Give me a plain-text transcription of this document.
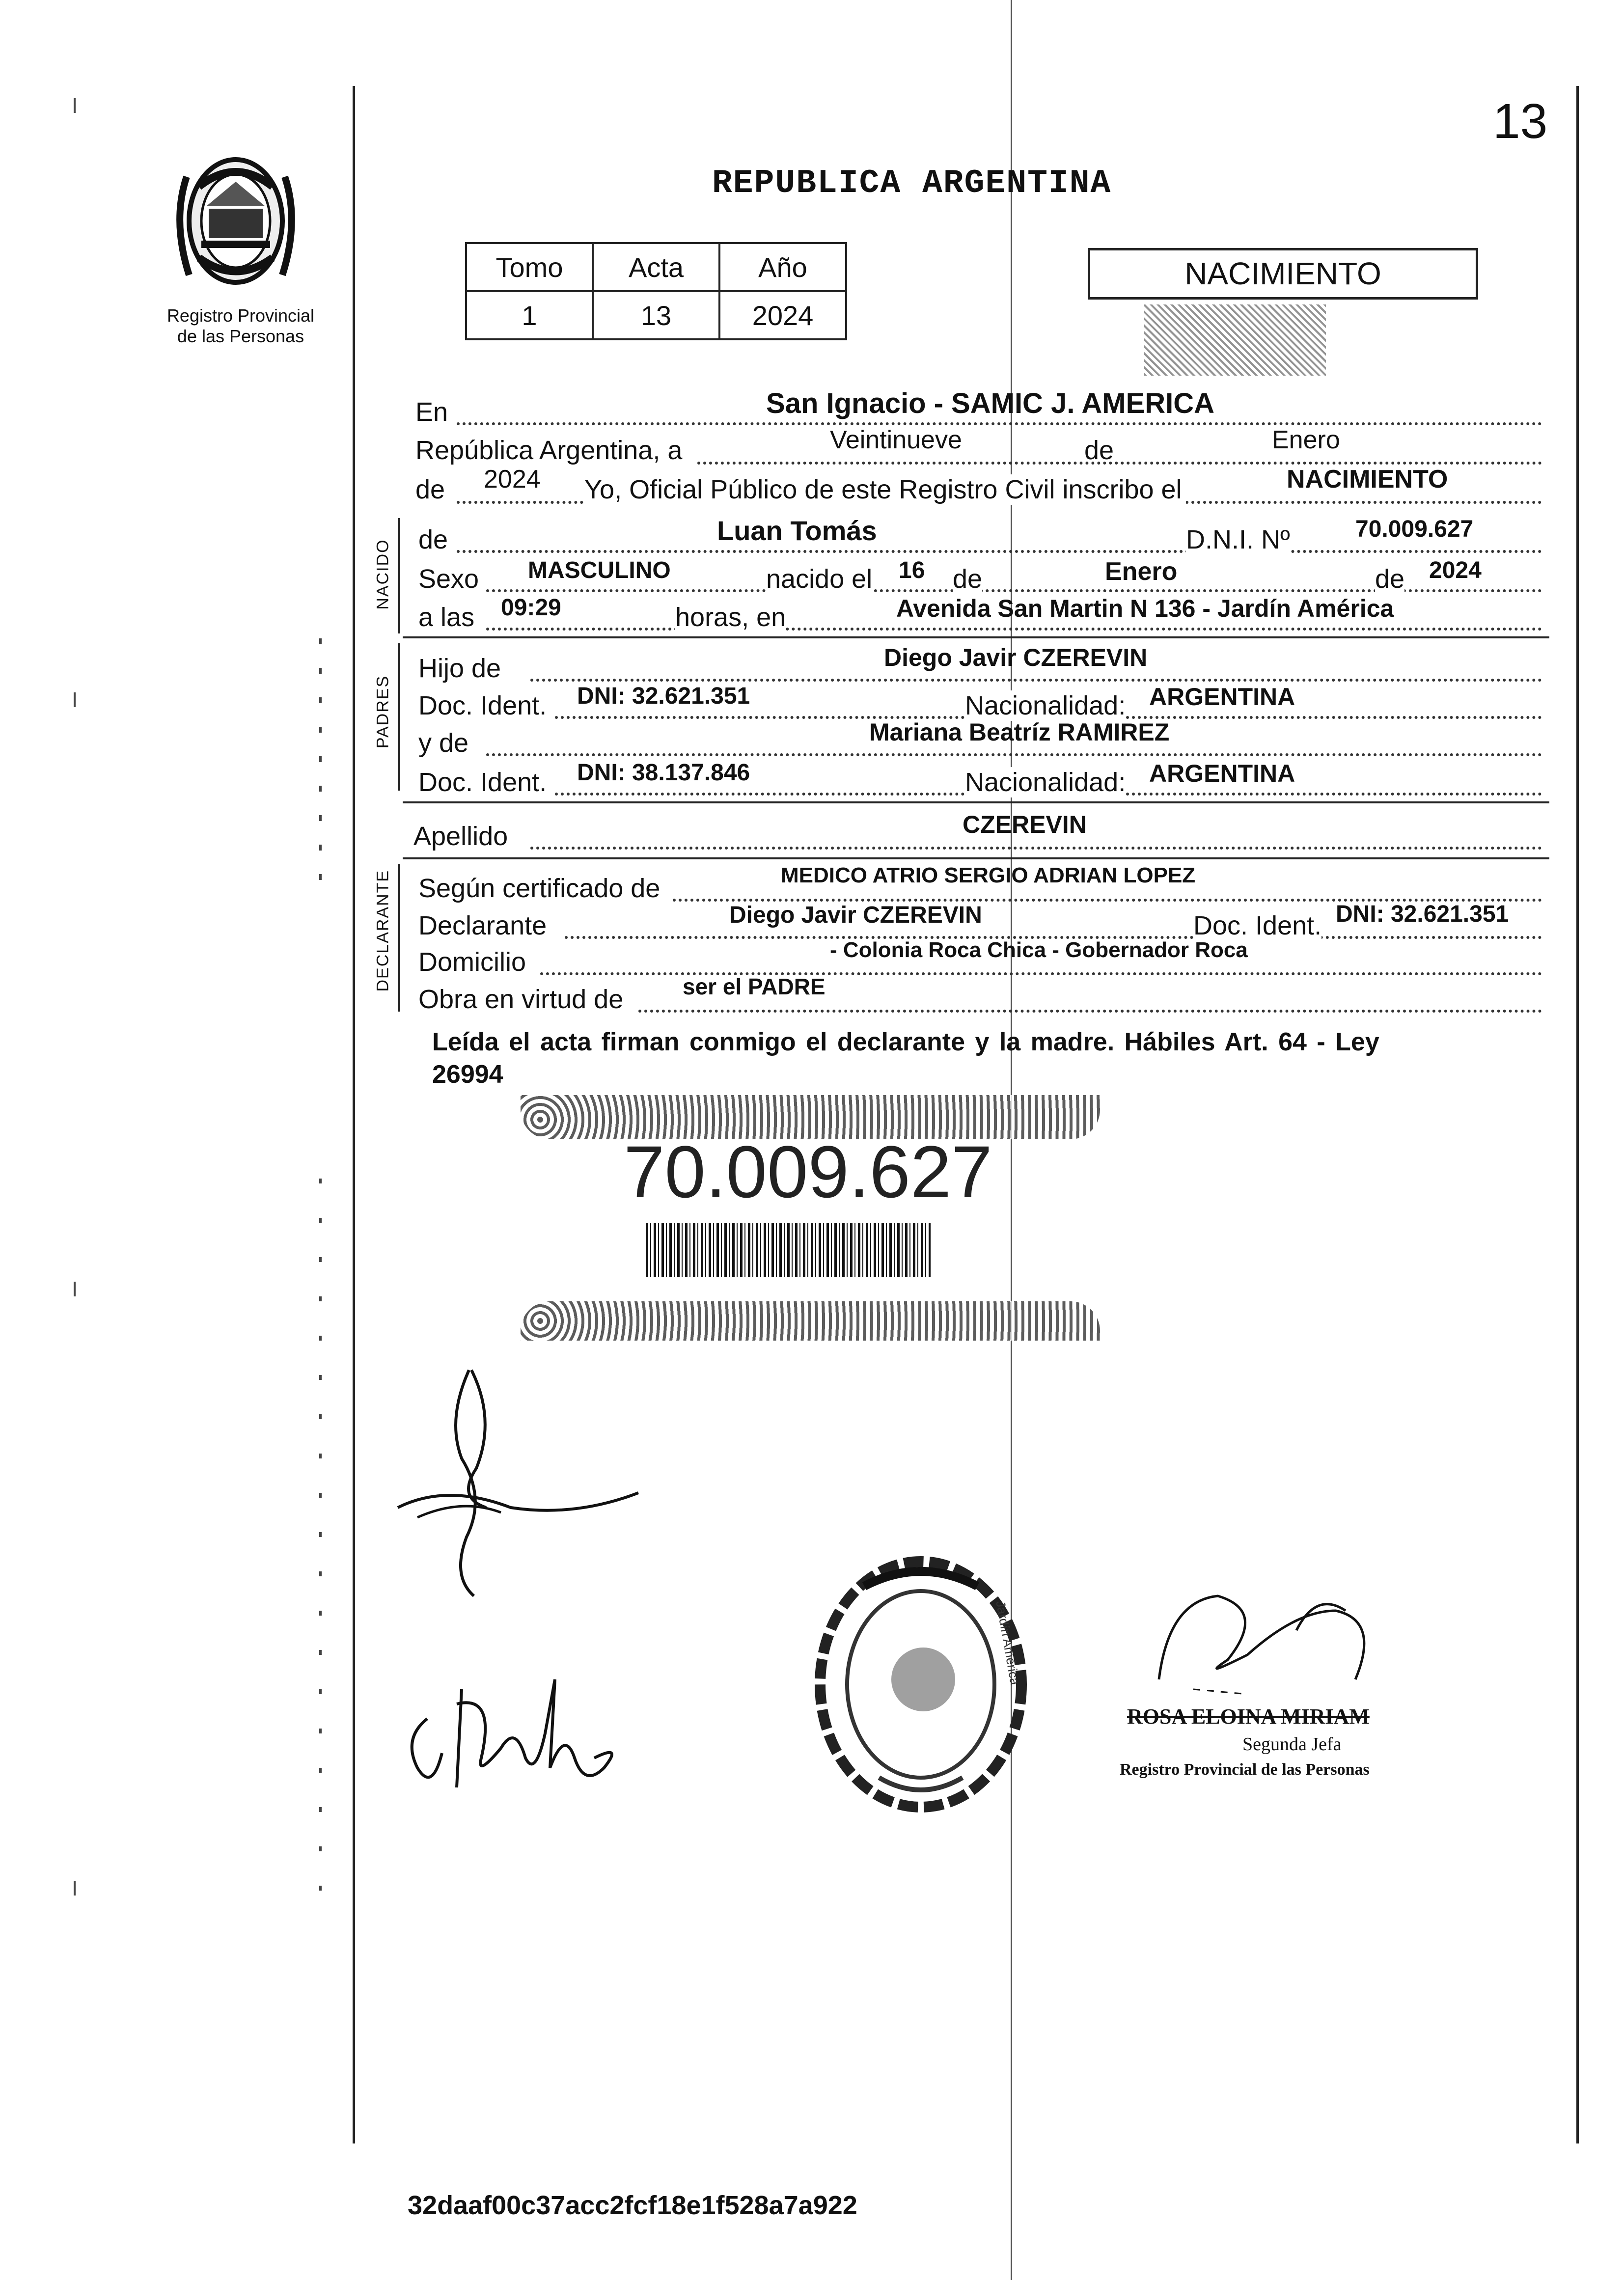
13
Registro Provincial
de las Personas
REPUBLICA ARGENTINA
Tomo	Acta	Año
1	13	2024
NACIMIENTO
En	San Ignacio - SAMIC J. AMERICA
República Argentina, a	Veintinueve	de	Enero
de 2024 Yo, Oficial Público de este Registro Civil inscribo el	NACIMIENTO
NACIDO de	Luan Tomás	D.N.I. Nº	70.009.627
Sexo MASCULINO	nacido el 16 de	Enero	de 2024
a las 09:29	horas, en	Avenida San Martin N 136 - Jardín América
PADRES
Hijo de	Diego Javir CZEREVIN
Doc. Ident. DNI: 32.621.351	Nacionalidad: ARGENTINA
y de	Mariana Beatríz RAMIREZ
Doc. Ident. DNI: 38.137.846	Nacionalidad: ARGENTINA
Apellido	CZEREVIN
DECLARANTE Según certificado de	MEDICO ATRIO SERGIO ADRIAN LOPEZ
Declarante	Diego Javir CZEREVIN	Doc. Ident. DNI: 32.621.351
Domicilio	- Colonia Roca Chica - Gobernador Roca
Obra en virtud de	ser el PADRE
Leída el acta firman conmigo el declarante y la madre. Hábiles Art. 64 - Ley
26994
70.009.627
Jardín América
ROSA ELOINA MIRIAM
Segunda Jefa
Registro Provincial de las Personas
32daaf00c37acc2fcf18e1f528a7a922
